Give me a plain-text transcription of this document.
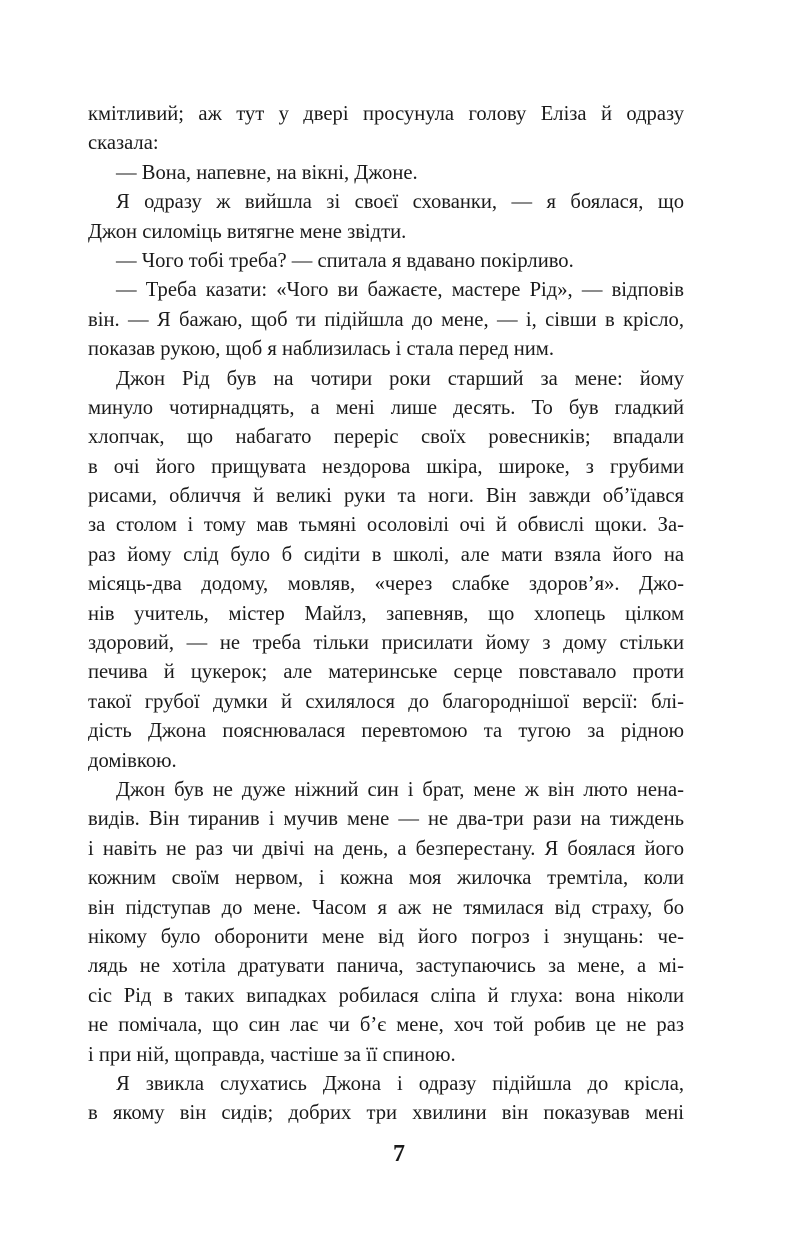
кмітливий; аж тут у двері просунула голову Еліза й одразу
сказала:
— Вона, напевне, на вікні, Джоне.
Я одразу ж вийшла зі своєї схованки, — я боялася, що
Джон силоміць витягне мене звідти.
— Чого тобі треба? — спитала я вдавано покірливо.
— Треба казати: «Чого ви бажаєте, мастере Рід», — відповів
він. — Я бажаю, щоб ти підійшла до мене, — і, сівши в крісло,
показав рукою, щоб я наблизилась і стала перед ним.
Джон Рід був на чотири роки старший за мене: йому
минуло чотирнадцять, а мені лише десять. То був гладкий
хлопчак, що набагато переріс своїх ровесників; впадали
в очі його прищувата нездорова шкіра, широке, з грубими
рисами, обличчя й великі руки та ноги. Він завжди об’їдався
за столом і тому мав тьмяні осоловілі очі й обвислі щоки. За-
раз йому слід було б сидіти в школі, але мати взяла його на
місяць-два додому, мовляв, «через слабке здоров’я». Джо-
нів учитель, містер Майлз, запевняв, що хлопець цілком
здоровий, — не треба тільки присилати йому з дому стільки
печива й цукерок; але материнське серце повставало проти
такої грубої думки й схилялося до благороднішої версії: блі-
дість Джона пояснювалася перевтомою та тугою за рідною
домівкою.
Джон був не дуже ніжний син і брат, мене ж він люто нена-
видів. Він тиранив і мучив мене — не два-три рази на тиждень
і навіть не раз чи двічі на день, а безперестану. Я боялася його
кожним своїм нервом, і кожна моя жилочка тремтіла, коли
він підступав до мене. Часом я аж не тямилася від страху, бо
нікому було оборонити мене від його погроз і знущань: че-
лядь не хотіла дратувати панича, заступаючись за мене, а мі-
сіс Рід в таких випадках робилася сліпа й глуха: вона ніколи
не помічала, що син лає чи б’є мене, хоч той робив це не раз
і при ній, щоправда, частіше за її спиною.
Я звикла слухатись Джона і одразу підійшла до крісла,
в якому він сидів; добрих три хвилини він показував мені
7
